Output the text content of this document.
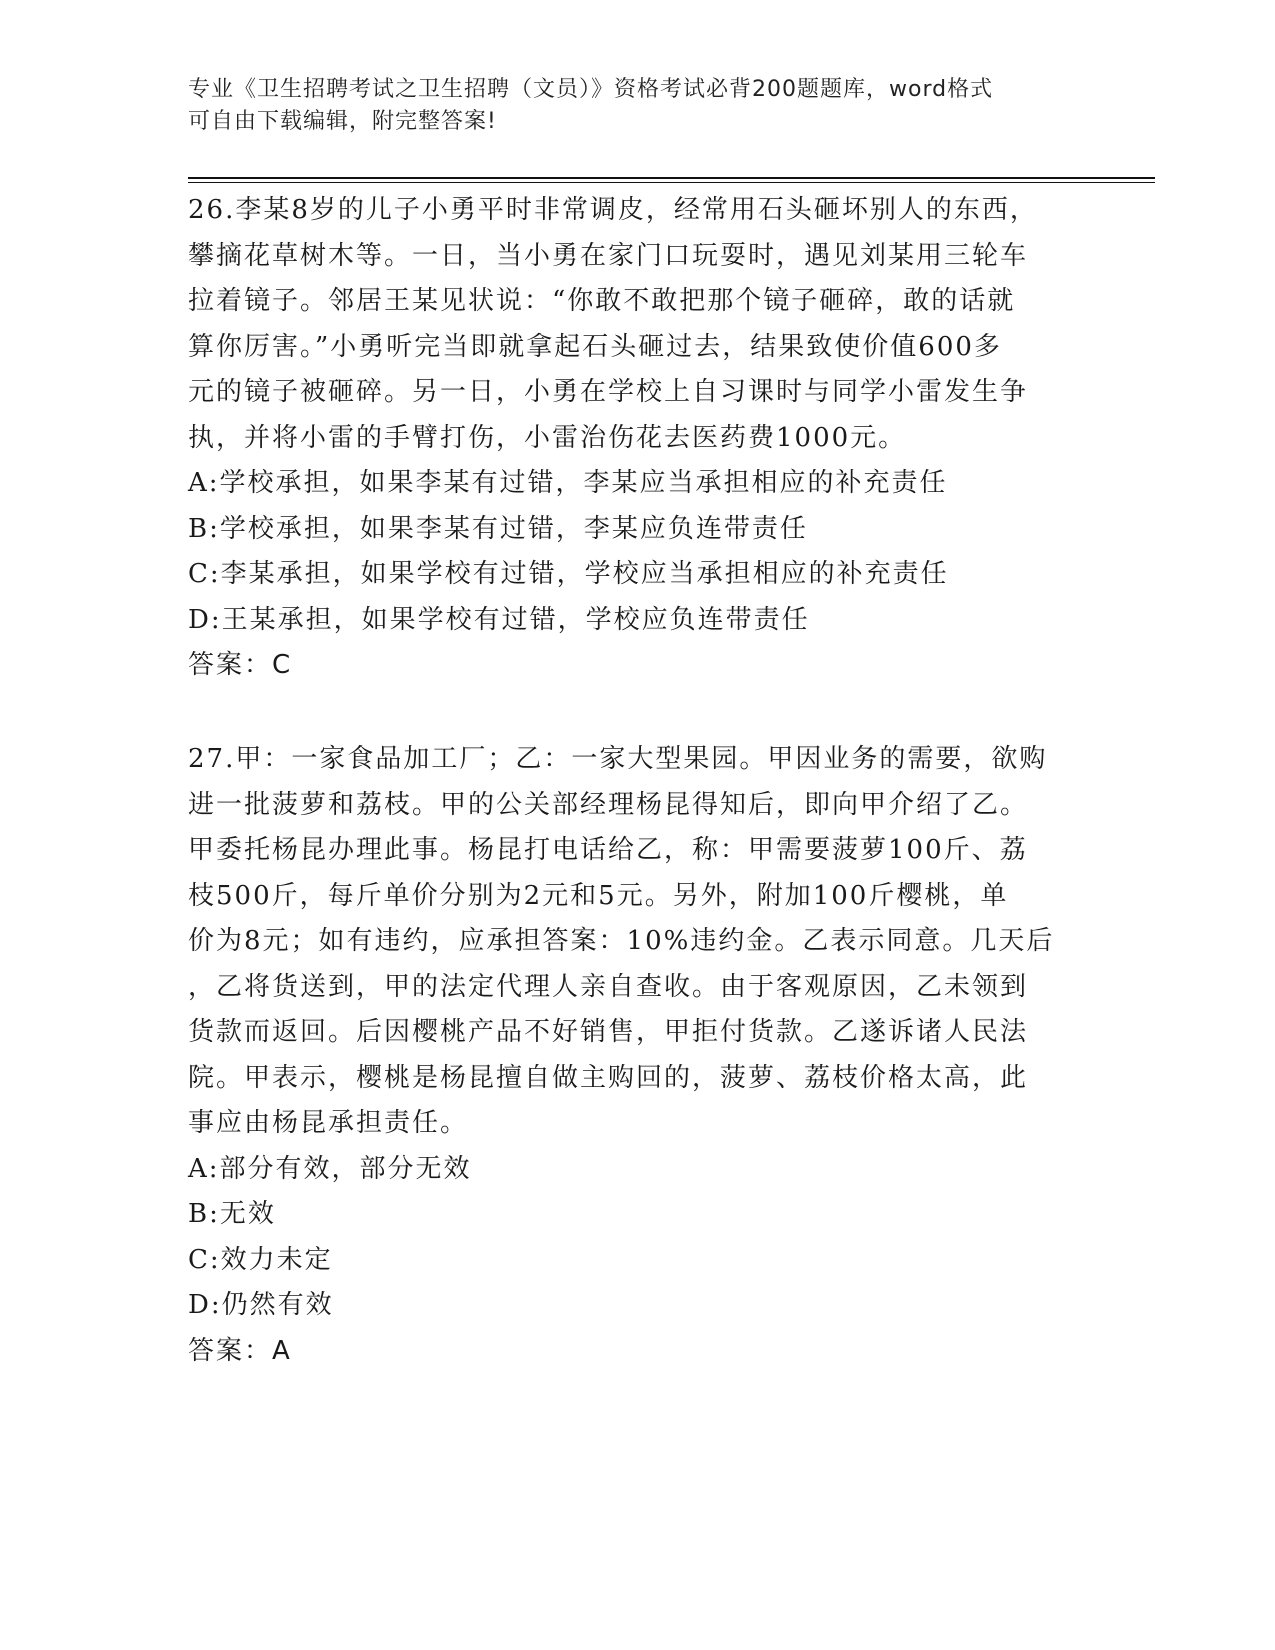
专业《卫生招聘考试之卫生招聘（文员）》资格考试必背200题题库，word格式
可自由下载编辑，附完整答案!

26.李某8岁的儿子小勇平时非常调皮，经常用石头砸坏别人的东西，

攀摘花草树木等。一日，当小勇在家门口玩耍时，遇见刘某用三轮车

拉着镜子。邻居王某见状说：“你敢不敢把那个镜子砸碎，敢的话就

算你厉害。”小勇听完当即就拿起石头砸过去，结果致使价值600多

元的镜子被砸碎。另一日，小勇在学校上自习课时与同学小雷发生争

执，并将小雷的手臂打伤，小雷治伤花去医药费1000元。

A:学校承担，如果李某有过错，李某应当承担相应的补充责任

B:学校承担，如果李某有过错，李某应负连带责任

C:李某承担，如果学校有过错，学校应当承担相应的补充责任

D:王某承担，如果学校有过错，学校应负连带责任

答案：C

27.甲：一家食品加工厂；乙：一家大型果园。甲因业务的需要，欲购

进一批菠萝和荔枝。甲的公关部经理杨昆得知后，即向甲介绍了乙。

甲委托杨昆办理此事。杨昆打电话给乙，称：甲需要菠萝100斤、荔

枝500斤，每斤单价分别为2元和5元。另外，附加100斤樱桃，单

价为8元；如有违约，应承担答案：10%违约金。乙表示同意。几天后

，乙将货送到，甲的法定代理人亲自查收。由于客观原因，乙未领到

货款而返回。后因樱桃产品不好销售，甲拒付货款。乙遂诉诸人民法

院。甲表示，樱桃是杨昆擅自做主购回的，菠萝、荔枝价格太高，此

事应由杨昆承担责任。

A:部分有效，部分无效

B:无效

C:效力未定

D:仍然有效

答案：A
